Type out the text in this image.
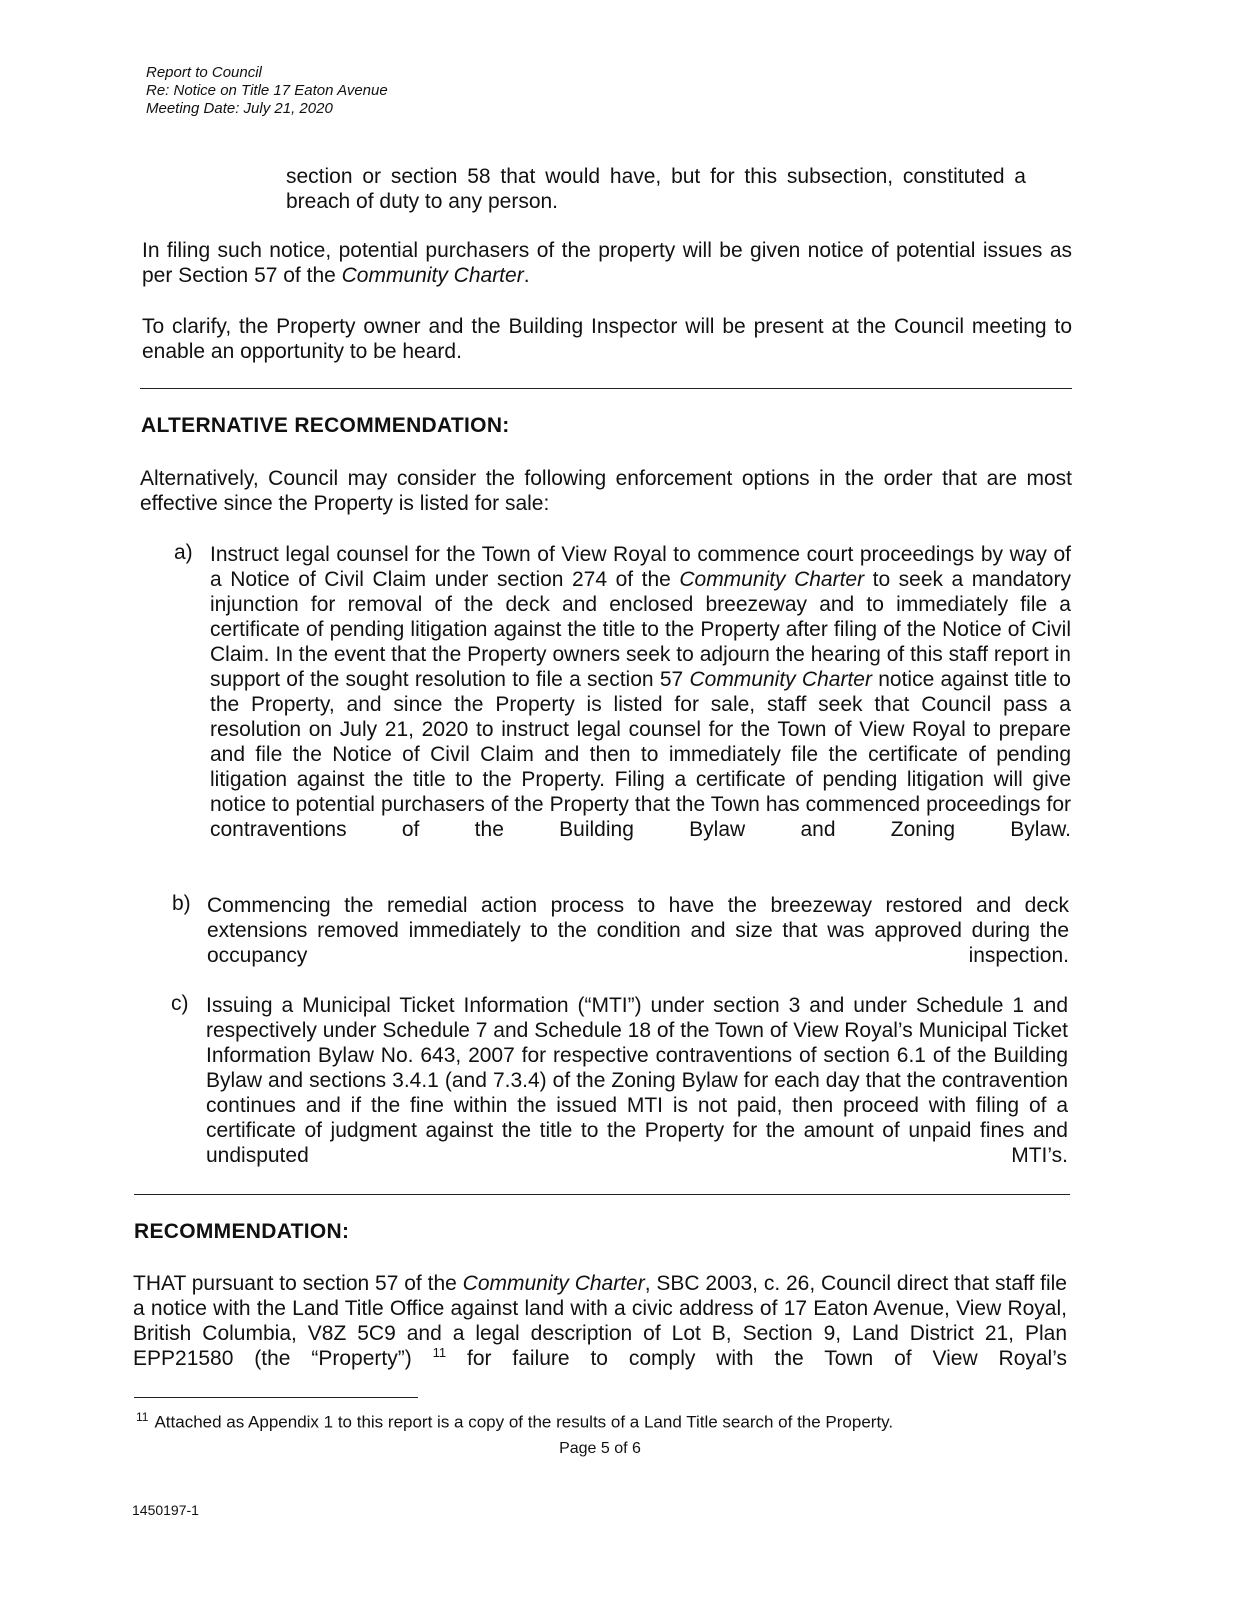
Report to Council
Re: Notice on Title 17 Eaton Avenue
Meeting Date: July 21, 2020

section or section 58 that would have, but for this subsection, constituted a breach of duty to any person.

In filing such notice, potential purchasers of the property will be given notice of potential issues as per Section 57 of the Community Charter.

To clarify, the Property owner and the Building Inspector will be present at the Council meeting to enable an opportunity to be heard.

ALTERNATIVE RECOMMENDATION:

Alternatively, Council may consider the following enforcement options in the order that are most effective since the Property is listed for sale:

a) Instruct legal counsel for the Town of View Royal to commence court proceedings by way of a Notice of Civil Claim under section 274 of the Community Charter to seek a mandatory injunction for removal of the deck and enclosed breezeway and to immediately file a certificate of pending litigation against the title to the Property after filing of the Notice of Civil Claim. In the event that the Property owners seek to adjourn the hearing of this staff report in support of the sought resolution to file a section 57 Community Charter notice against title to the Property, and since the Property is listed for sale, staff seek that Council pass a resolution on July 21, 2020 to instruct legal counsel for the Town of View Royal to prepare and file the Notice of Civil Claim and then to immediately file the certificate of pending litigation against the title to the Property. Filing a certificate of pending litigation will give notice to potential purchasers of the Property that the Town has commenced proceedings for contraventions of the Building Bylaw and Zoning Bylaw.

b) Commencing the remedial action process to have the breezeway restored and deck extensions removed immediately to the condition and size that was approved during the occupancy inspection.

c) Issuing a Municipal Ticket Information (“MTI”) under section 3 and under Schedule 1 and respectively under Schedule 7 and Schedule 18 of the Town of View Royal’s Municipal Ticket Information Bylaw No. 643, 2007 for respective contraventions of section 6.1 of the Building Bylaw and sections 3.4.1 (and 7.3.4) of the Zoning Bylaw for each day that the contravention continues and if the fine within the issued MTI is not paid, then proceed with filing of a certificate of judgment against the title to the Property for the amount of unpaid fines and undisputed MTI’s.

RECOMMENDATION:

THAT pursuant to section 57 of the Community Charter, SBC 2003, c. 26, Council direct that staff file a notice with the Land Title Office against land with a civic address of 17 Eaton Avenue, View Royal, British Columbia, V8Z 5C9 and a legal description of Lot B, Section 9, Land District 21, Plan EPP21580 (the “Property”) $^{11}$ for failure to comply with the Town of View Royal’s

$^{11}$ Attached as Appendix 1 to this report is a copy of the results of a Land Title search of the Property.
Page 5 of 6
1450197-1
